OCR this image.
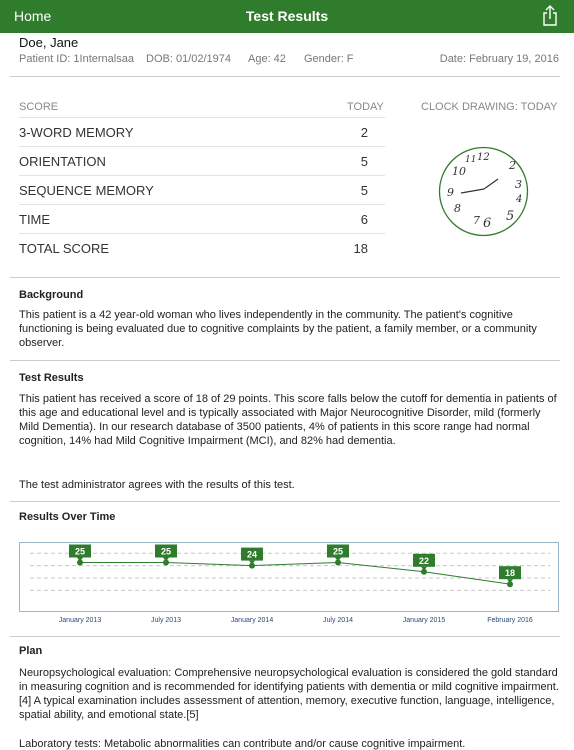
Home	Test Results
Doe, Jane
Patient ID: 1Internalsaa DOB: 01/02/1974 Age: 42 Gender: F	Date: February 19, 2016
SCORE	TODAY	CLOCK DRAWING: TODAY
3-WORD MEMORY	2
ORIENTATION	5
SEQUENCE MEMORY	5
TIME	6
TOTAL SCORE	18
12
11
10	2
3
4
5
6
7
8
9
Background
This patient is a 42 year-old woman who lives independently in the community. The patient's cognitive functioning is being evaluated due to cognitive complaints by the patient, a family member, or a community observer.
Test Results
This patient has received a score of 18 of 29 points. This score falls below the cutoff for dementia in patients of this age and educational level and is typically associated with Major Neurocognitive Disorder, mild (formerly Mild Dementia). In our research database of 3500 patients, 4% of patients in this score range had normal cognition, 14% had Mild Cognitive Impairment (MCI), and 82% had dementia.
The test administrator agrees with the results of this test.
Results Over Time
25	25	24	25
22
18
January 2013	July 2013	January 2014	July 2014	January 2015	February 2016
Plan
Neuropsychological evaluation: Comprehensive neuropsychological evaluation is considered the gold standard in measuring cognition and is recommended for identifying patients with dementia or mild cognitive impairment.[4] A typical examination includes assessment of attention, memory, executive function, language, intelligence, spatial ability, and emotional state.[5]
Laboratory tests: Metabolic abnormalities can contribute and/or cause cognitive impairment.
